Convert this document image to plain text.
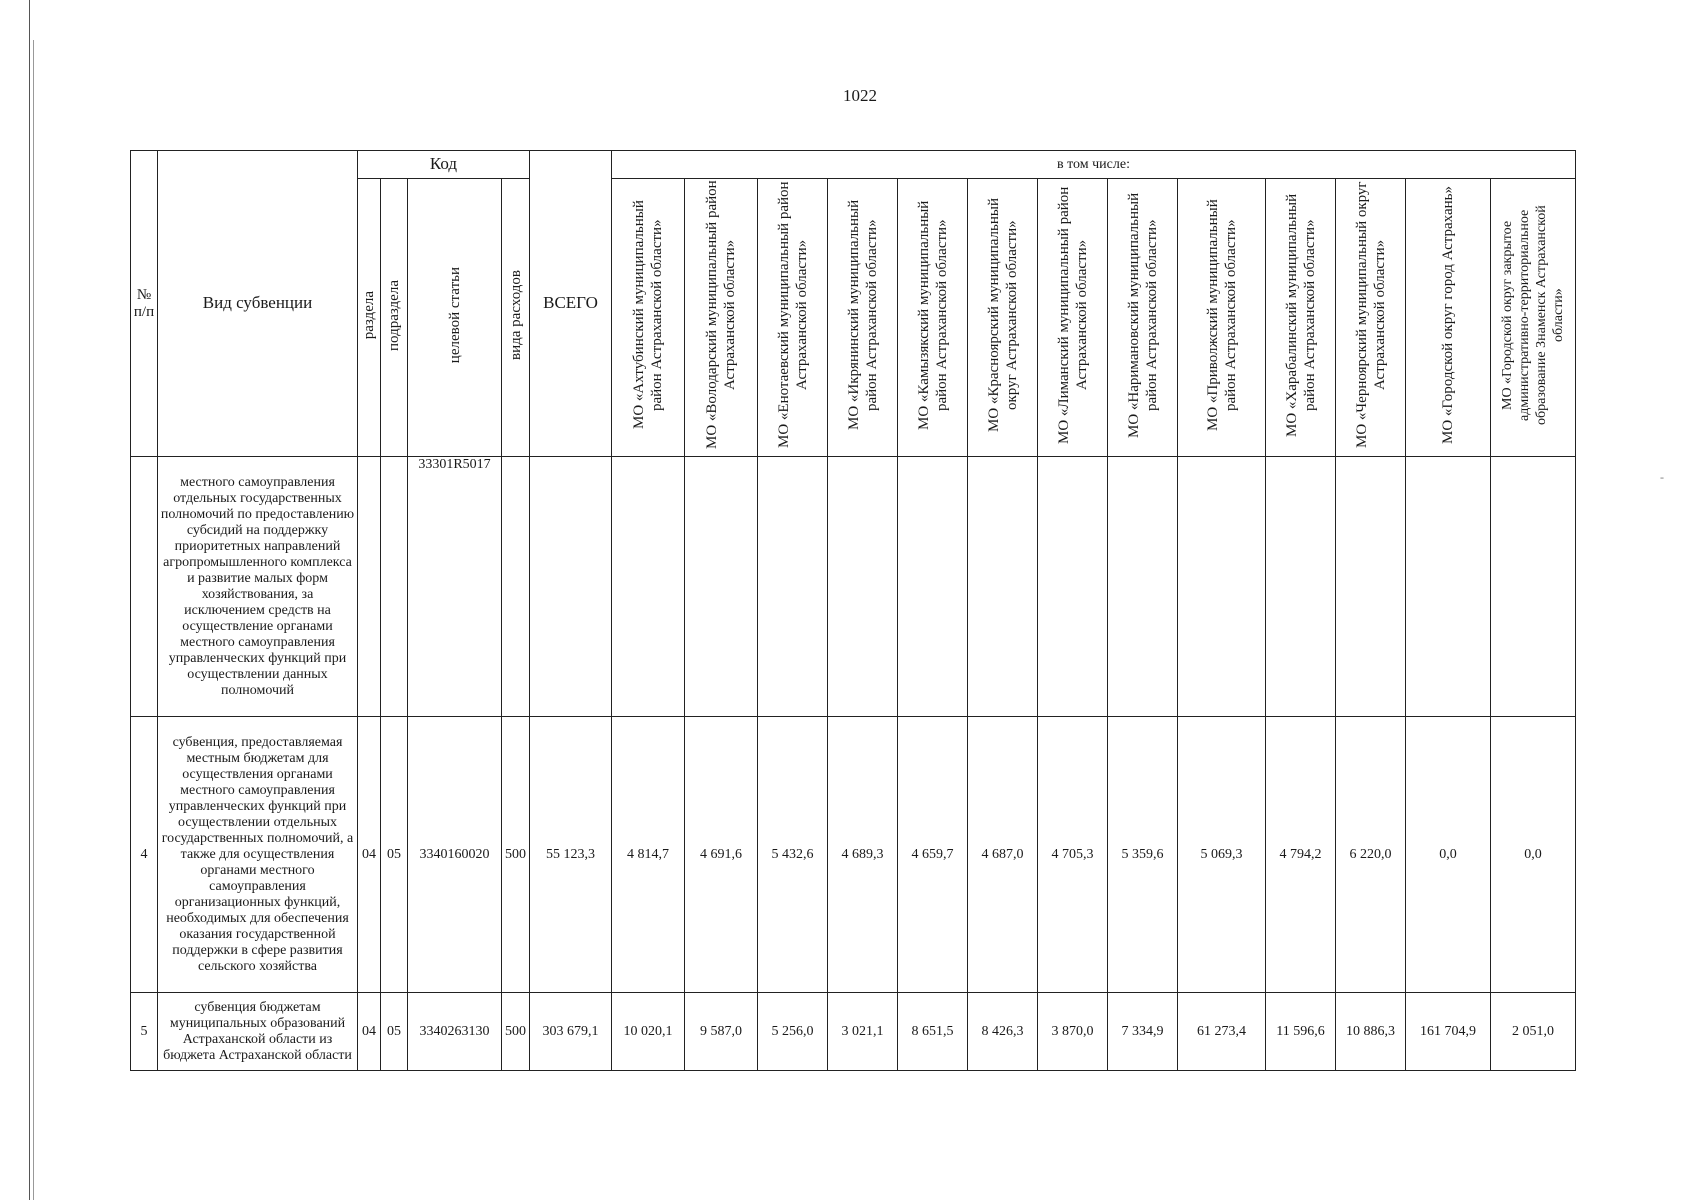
-
1022
№ п/п	Вид субвенции	Код				ВСЕГО	в том числе:												
		раздела	подраздела	целевой статьи	вида расходов		МО «Ахтубинский муниципальный район Астраханской области»	МО «Володарский муниципальный район Астраханской области»	МО «Енотаевский муниципальный район Астраханской области»	МО «Икрянинский муниципальный район Астраханской области»	МО «Камызякский муниципальный район Астраханской области»	МО «Красноярский муниципальный округ Астраханской области»	МО «Лиманский муниципальный район Астраханской области»	МО «Наримановский муниципальный район Астраханской области»	МО «Приволжский муниципальный район Астраханской области»	МО «Харабалинский муниципальный район Астраханской области»	МО «Черноярский муниципальный округ Астраханской области»	МО «Городской округ город Астрахань»	МО «Городской округ закрытое административно-территориальное образование Знаменск Астраханской области»
	местного самоуправления отдельных государственных полномочий по предоставлению субсидий на поддержку приоритетных направлений агропромышленного комплекса и развитие малых форм хозяйствования, за исключением средств на осуществление органами местного самоуправления управленческих функций при осуществлении данных полномочий			33301R5017															
4	субвенция, предоставляемая местным бюджетам для осуществления органами местного самоуправления управленческих функций при осуществлении отдельных государственных полномочий, а также для осуществления органами местного самоуправления организационных функций, необходимых для обеспечения оказания государственной поддержки в сфере развития сельского хозяйства	04	05	3340160020	500	55 123,3	4 814,7	4 691,6	5 432,6	4 689,3	4 659,7	4 687,0	4 705,3	5 359,6	5 069,3	4 794,2	6 220,0	0,0	0,0
5	субвенция бюджетам муниципальных образований Астраханской области из бюджета Астраханской области	04	05	3340263130	500	303 679,1	10 020,1	9 587,0	5 256,0	3 021,1	8 651,5	8 426,3	3 870,0	7 334,9	61 273,4	11 596,6	10 886,3	161 704,9	2 051,0
